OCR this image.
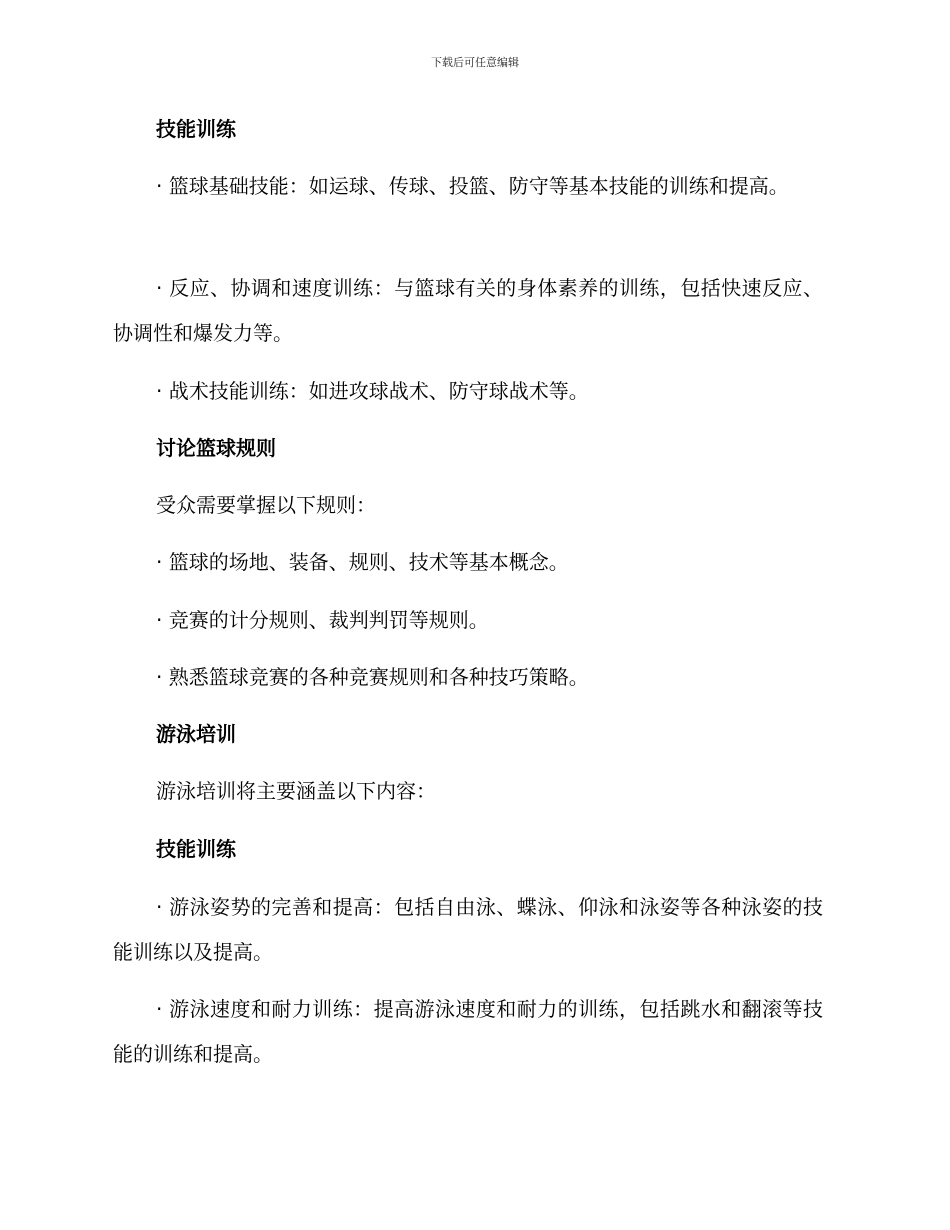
下载后可任意编辑
技能训练
· 篮球基础技能：如运球、传球、投篮、防守等基本技能的训练和提高。
· 反应、协调和速度训练：与篮球有关的身体素养的训练，包括快速反应、协调性和爆发力等。
· 战术技能训练：如进攻球战术、防守球战术等。
讨论篮球规则
受众需要掌握以下规则：
· 篮球的场地、装备、规则、技术等基本概念。
· 竞赛的计分规则、裁判判罚等规则。
· 熟悉篮球竞赛的各种竞赛规则和各种技巧策略。
游泳培训
游泳培训将主要涵盖以下内容：
技能训练
· 游泳姿势的完善和提高：包括自由泳、蝶泳、仰泳和泳姿等各种泳姿的技能训练以及提高。
· 游泳速度和耐力训练：提高游泳速度和耐力的训练，包括跳水和翻滚等技能的训练和提高。
